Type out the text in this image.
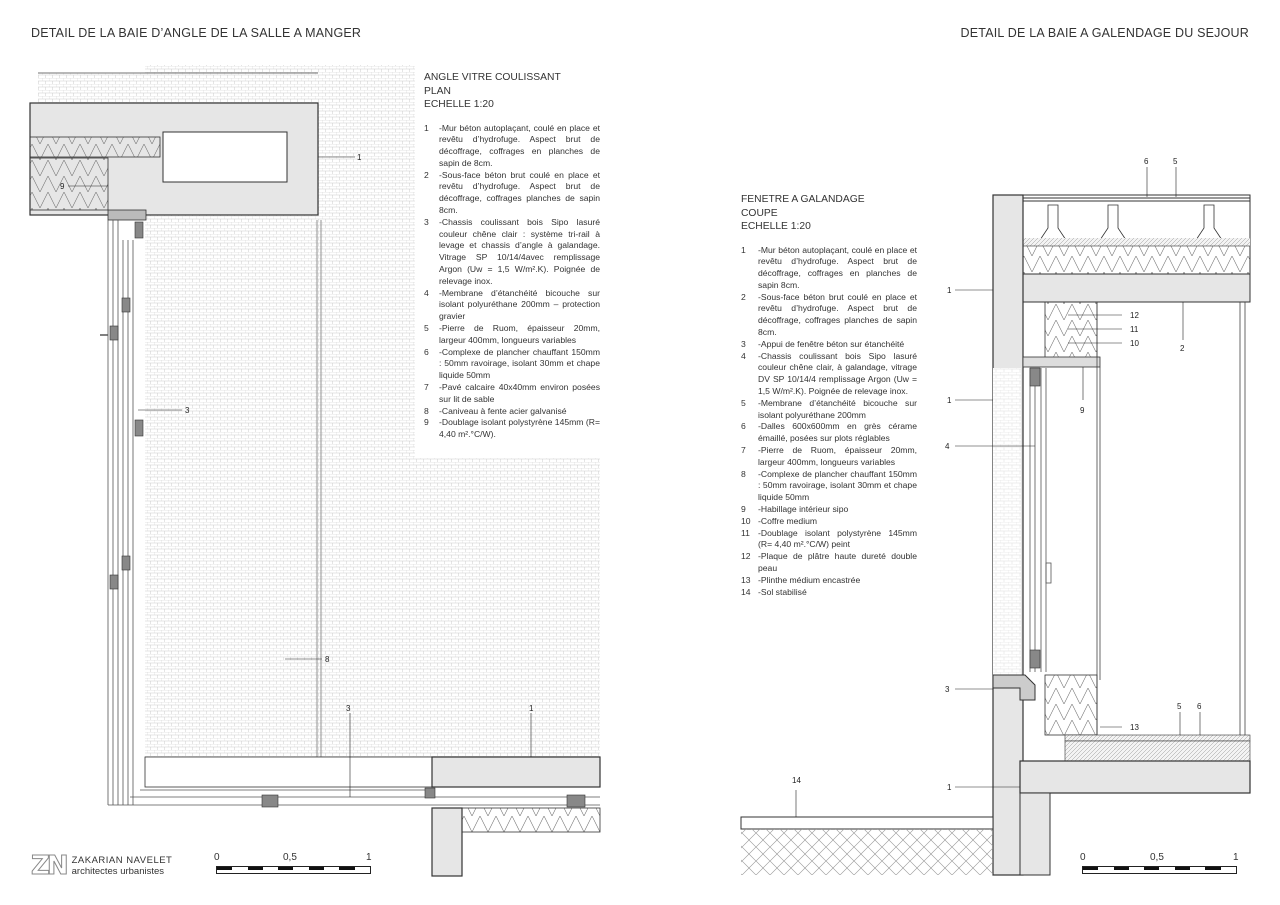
DETAIL DE LA BAIE D’ANGLE DE LA SALLE A MANGER	DETAIL DE LA BAIE A GALENDAGE DU SEJOUR
1
9
3
8
3	1
6	5
1
12
11
10
2
1
9
4
3
13
5 6
1
14
ANGLE VITRE COULISSANT
PLAN
ECHELLE 1:20
1 -Mur béton autoplaçant, coulé en place et revêtu d’hydrofuge. Aspect brut de décoffrage, coffrages en planches de sapin de 8cm.
2 -Sous-face béton brut coulé en place et revêtu d’hydrofuge. Aspect brut de décoffrage, coffrages planches de sapin 8cm.
3 -Chassis coulissant bois Sipo lasuré couleur chêne clair : système tri-rail à levage et chassis d’angle à galandage. Vitrage SP 10/14/4avec remplissage Argon (Uw = 1,5 W/m².K). Poignée de relevage inox.
4 -Membrane d’étanchéité bicouche sur isolant polyuréthane 200mm – protection gravier
5 -Pierre de Ruom, épaisseur 20mm, largeur 400mm, longueurs variables
6 -Complexe de plancher chauffant 150mm : 50mm ravoirage, isolant 30mm et chape liquide 50mm
7 -Pavé calcaire 40x40mm environ posées sur lit de sable
8 -Caniveau à fente acier galvanisé
9 -Doublage isolant polystyrène 145mm (R= 4,40 m².°C/W).
FENETRE A GALANDAGE
COUPE
ECHELLE 1:20
1 -Mur béton autoplaçant, coulé en place et revêtu d’hydrofuge. Aspect brut de décoffrage, coffrages en planches de sapin 8cm.
2 -Sous-face béton brut coulé en place et revêtu d’hydrofuge. Aspect brut de décoffrage, coffrages planches de sapin 8cm.
3 -Appui de fenêtre béton sur étanchéité
4 -Chassis coulissant bois Sipo lasuré couleur chêne clair, à galandage, vitrage DV SP 10/14/4 remplissage Argon (Uw = 1,5 W/m².K). Poignée de relevage inox.
5 -Membrane d’étanchéité bicouche sur isolant polyuréthane 200mm
6 -Dalles 600x600mm en grès cérame émaillé, posées sur plots réglables
7 -Pierre de Ruom, épaisseur 20mm, largeur 400mm, longueurs variables
8 -Complexe de plancher chauffant 150mm : 50mm ravoirage, isolant 30mm et chape liquide 50mm
9 -Habillage intérieur sipo
10 -Coffre medium
11 -Doublage isolant polystyrène 145mm (R= 4,40 m².°C/W) peint
12 -Plaque de plâtre haute dureté double peau
13 -Plinthe médium encastrée
14 -Sol stabilisé
ZN ZAKARIAN NAVELET
architectes urbanistes
0	0,5	1	0	0,5	1
